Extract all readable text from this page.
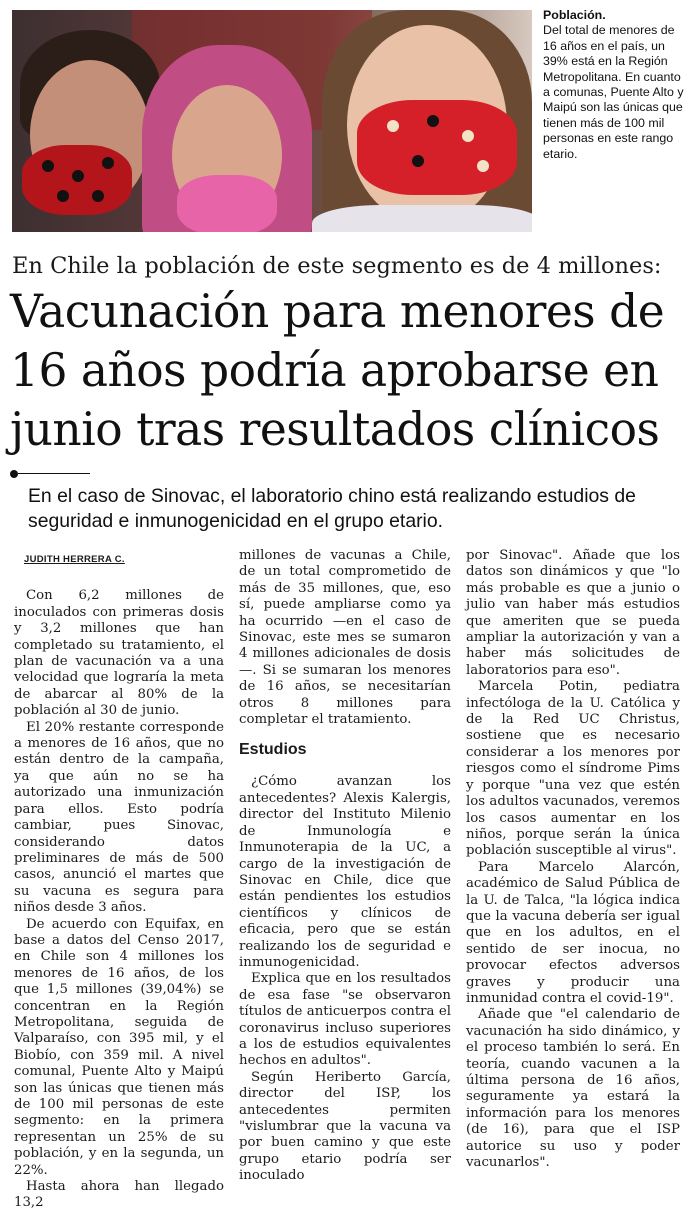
Población.
Del total de menores de 16 años en el país, un 39% está en la Región Metropolitana. En cuanto a comunas, Puente Alto y Maipú son las únicas que tienen más de 100 mil personas en este rango etario.
En Chile la población de este segmento es de 4 millones:
Vacunación para menores de 16 años podría aprobarse en junio tras resultados clínicos
En el caso de Sinovac, el laboratorio chino está realizando estudios de seguridad e inmunogenicidad en el grupo etario.

JUDITH HERRERA C.

Con 6,2 millones de inoculados con primeras dosis y 3,2 millones que han completado su tratamiento, el plan de vacunación va a una velocidad que lograría la meta de abarcar al 80% de la población al 30 de junio.

El 20% restante corresponde a menores de 16 años, que no están dentro de la campaña, ya que aún no se ha autorizado una inmunización para ellos. Esto podría cambiar, pues Sinovac, considerando datos preliminares de más de 500 casos, anunció el martes que su vacuna es segura para niños desde 3 años.

De acuerdo con Equifax, en base a datos del Censo 2017, en Chile son 4 millones los menores de 16 años, de los que 1,5 millones (39,04%) se concentran en la Región Metropolitana, seguida de Valparaíso, con 395 mil, y el Biobío, con 359 mil. A nivel comunal, Puente Alto y Maipú son las únicas que tienen más de 100 mil personas de este segmento: en la primera representan un 25% de su población, y en la segunda, un 22%.

Hasta ahora han llegado 13,2

millones de vacunas a Chile, de un total comprometido de más de 35 millones, que, eso sí, puede ampliarse como ya ha ocurrido —en el caso de Sinovac, este mes se sumaron 4 millones adicionales de dosis—. Si se sumaran los menores de 16 años, se necesitarían otros 8 millones para completar el tratamiento.

Estudios

¿Cómo avanzan los antecedentes? Alexis Kalergis, director del Instituto Milenio de Inmunología e Inmunoterapia de la UC, a cargo de la investigación de Sinovac en Chile, dice que están pendientes los estudios científicos y clínicos de eficacia, pero que se están realizando los de seguridad e inmunogenicidad.

Explica que en los resultados de esa fase "se observaron títulos de anticuerpos contra el coronavirus incluso superiores a los de estudios equivalentes hechos en adultos".

Según Heriberto García, director del ISP, los antecedentes permiten "vislumbrar que la vacuna va por buen camino y que este grupo etario podría ser inoculado

por Sinovac". Añade que los datos son dinámicos y que "lo más probable es que a junio o julio van haber más estudios que ameriten que se pueda ampliar la autorización y van a haber más solicitudes de laboratorios para eso".

Marcela Potin, pediatra infectóloga de la U. Católica y de la Red UC Christus, sostiene que es necesario considerar a los menores por riesgos como el síndrome Pims y porque "una vez que estén los adultos vacunados, veremos los casos aumentar en los niños, porque serán la única población susceptible al virus".

Para Marcelo Alarcón, académico de Salud Pública de la U. de Talca, "la lógica indica que la vacuna debería ser igual que en los adultos, en el sentido de ser inocua, no provocar efectos adversos graves y producir una inmunidad contra el covid-19".

Añade que "el calendario de vacunación ha sido dinámico, y el proceso también lo será. En teoría, cuando vacunen a la última persona de 16 años, seguramente ya estará la información para los menores (de 16), para que el ISP autorice su uso y poder vacunarlos".
